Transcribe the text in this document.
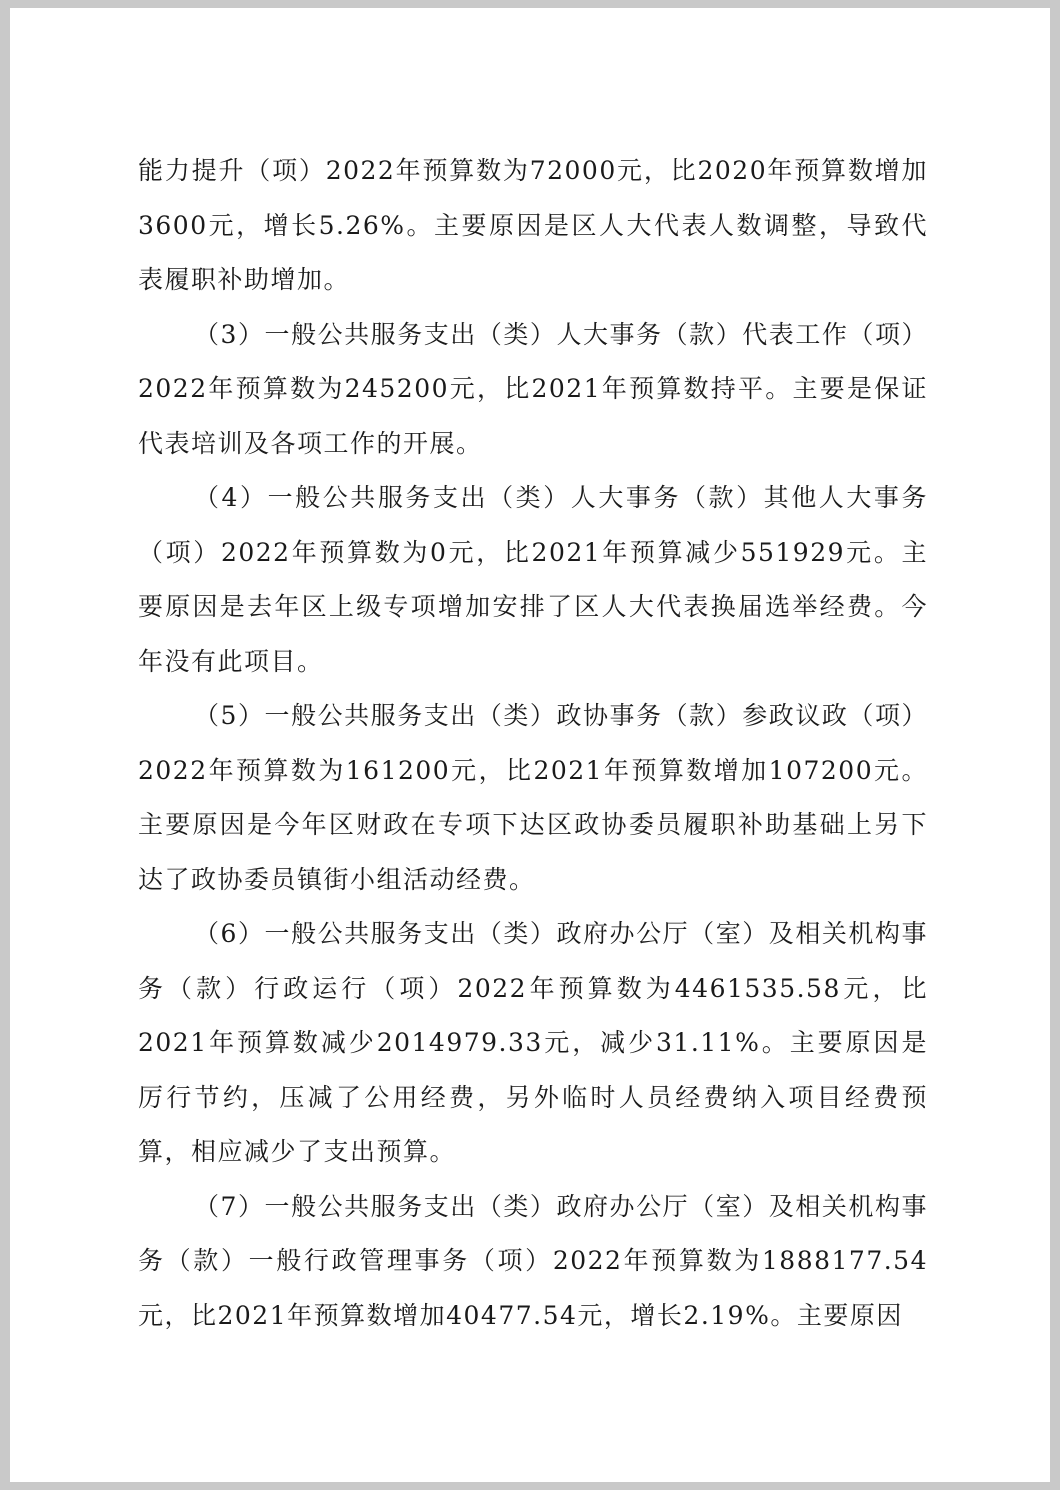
能力提升（项）2022年预算数为72000元，比2020年预算数增加3600元，增长5.26%。主要原因是区人大代表人数调整，导致代表履职补助增加。

（3）一般公共服务支出（类）人大事务（款）代表工作（项）2022年预算数为245200元，比2021年预算数持平。主要是保证代表培训及各项工作的开展。

（4）一般公共服务支出（类）人大事务（款）其他人大事务（项）2022年预算数为0元，比2021年预算减少551929元。主要原因是去年区上级专项增加安排了区人大代表换届选举经费。今年没有此项目。

（5）一般公共服务支出（类）政协事务（款）参政议政（项）2022年预算数为161200元，比2021年预算数增加107200元。主要原因是今年区财政在专项下达区政协委员履职补助基础上另下达了政协委员镇街小组活动经费。

（6）一般公共服务支出（类）政府办公厅（室）及相关机构事务（款）行政运行（项）2022年预算数为4461535.58元，比2021年预算数减少2014979.33元，减少31.11%。主要原因是厉行节约，压减了公用经费，另外临时人员经费纳入项目经费预算，相应减少了支出预算。

（7）一般公共服务支出（类）政府办公厅（室）及相关机构事务（款）一般行政管理事务（项）2022年预算数为1888177.54元，比2021年预算数增加40477.54元，增长2.19%。主要原因
